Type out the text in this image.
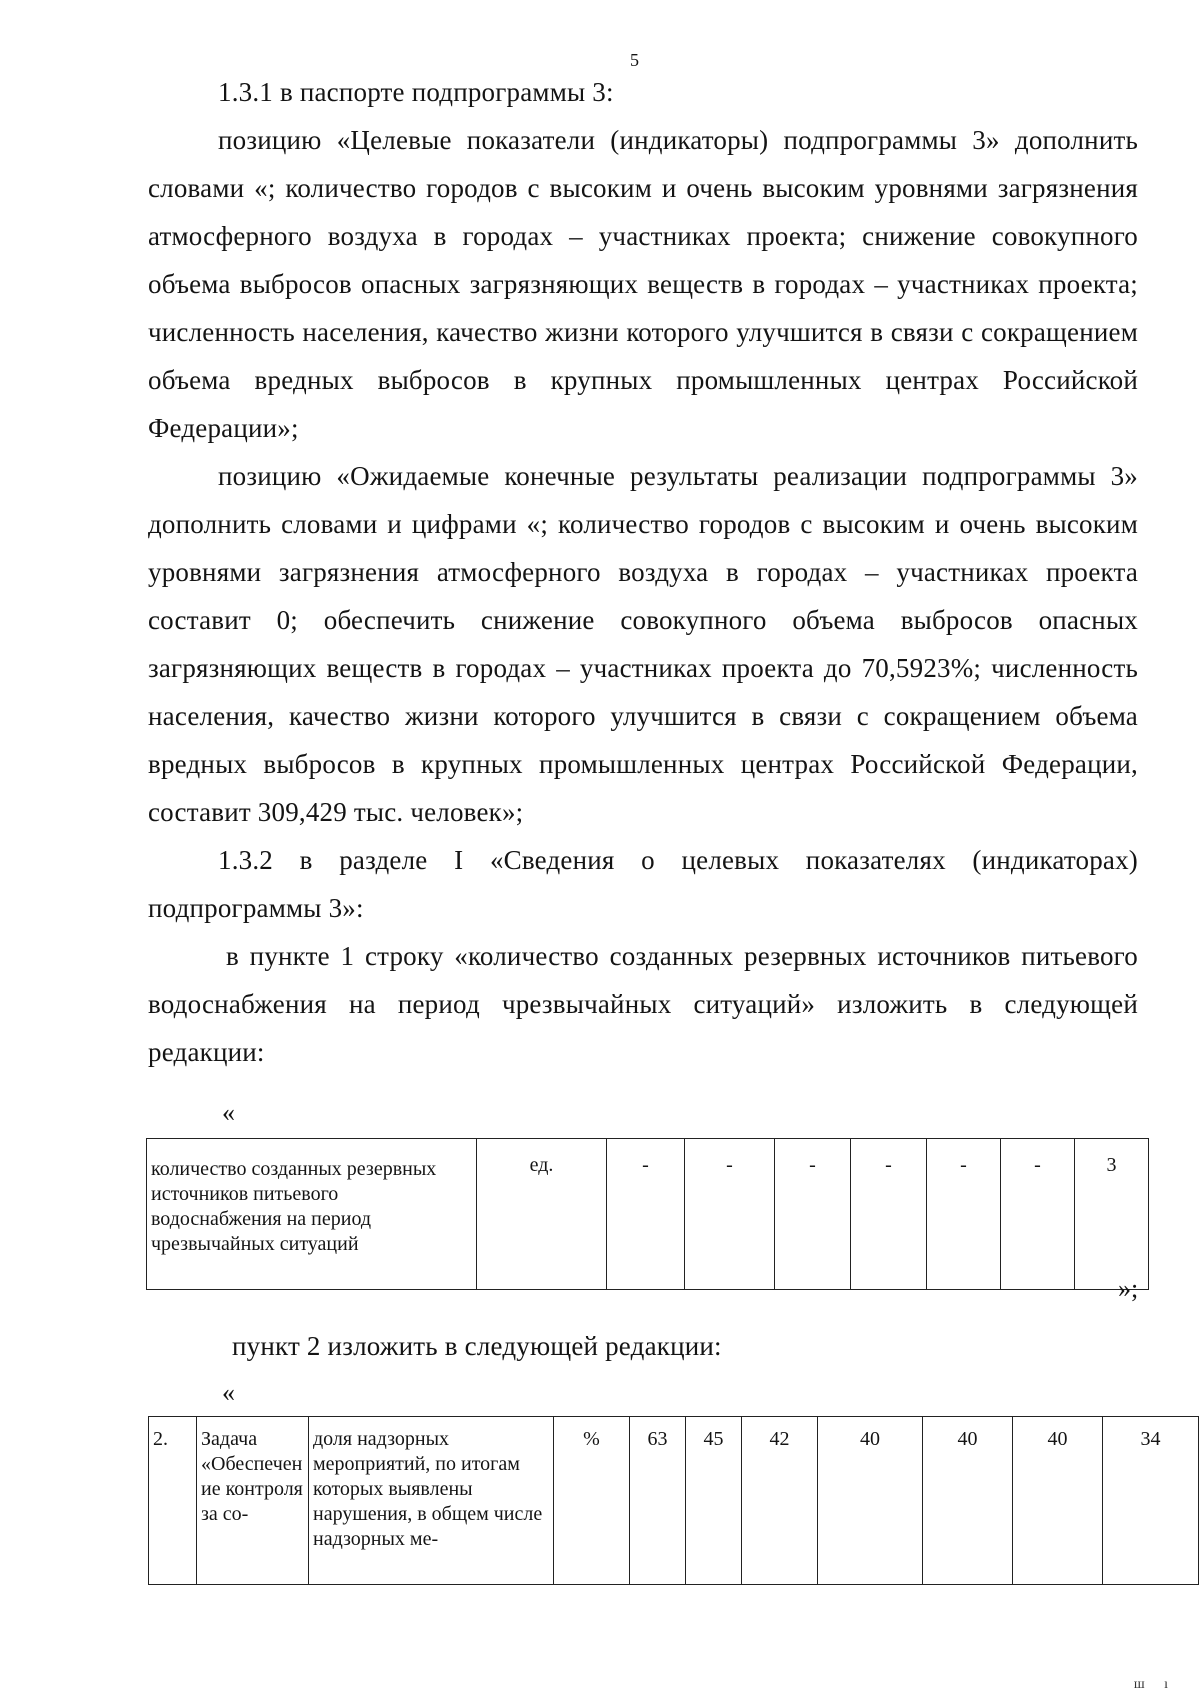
5

1.3.1 в паспорте подпрограммы 3:

позицию «Целевые показатели (индикаторы) подпрограммы 3» дополнить словами «; количество городов с высоким и очень высоким уровнями загрязнения атмосферного воздуха в городах – участниках проекта; снижение совокупного объема выбросов опасных загрязняющих веществ в городах – участниках проекта; численность населения, качество жизни которого улучшится в связи с сокращением объема вредных выбросов в крупных промышленных центрах Российской Федерации»;

позицию «Ожидаемые конечные результаты реализации подпрограммы 3» дополнить словами и цифрами «; количество городов с высоким и очень высоким уровнями загрязнения атмосферного воздуха в городах – участниках проекта составит 0; обеспечить снижение совокупного объема выбросов опасных загрязняющих веществ в городах – участниках проекта до 70,5923%; численность населения, качество жизни которого улучшится в связи с сокращением объема вредных выбросов в крупных промышленных центрах Российской Федерации, составит 309,429 тыс. человек»;

1.3.2 в разделе I «Сведения о целевых показателях (индикаторах) подпрограммы 3»:

в пункте 1 строку «количество созданных резервных источников питьевого водоснабжения на период чрезвычайных ситуаций» изложить в следующей редакции:

«
количество созданных резервных источников питьевого водоснабжения на период чрезвычайных ситуаций	ед.	-	-	-	-	-	-	3
»;

пункт 2 изложить в следующей редакции:

«
2.	Задача «Обеспечение контроля за со-	доля надзорных мероприятий, по итогам которых выявлены нарушения, в общем числе надзорных ме-	%	63	45	42	40	40	40	34
ш ı
